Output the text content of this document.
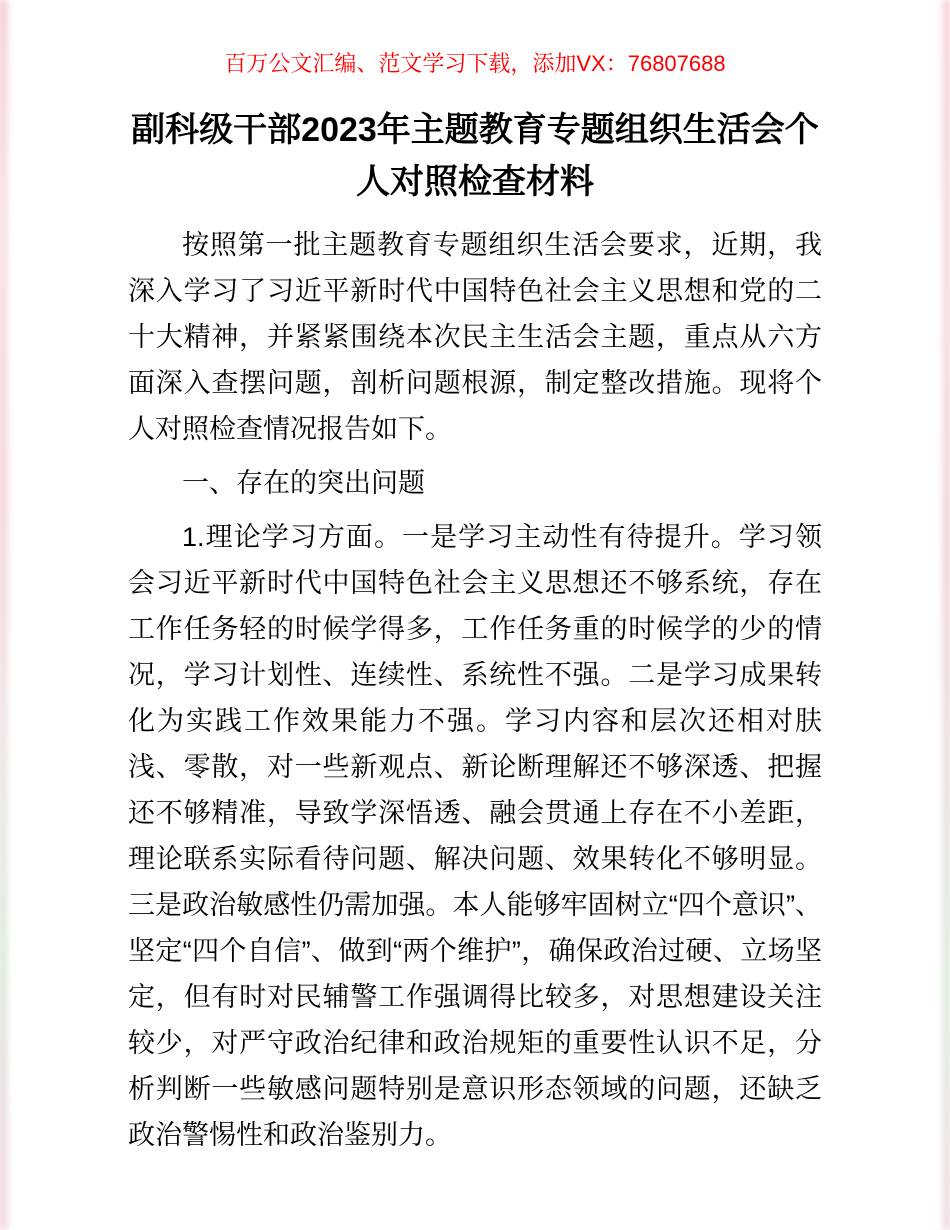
百万公文汇编、范文学习下载，添加VX：76807688
副科级干部2023年主题教育专题组织生活会个人对照检查材料

按照第一批主题教育专题组织生活会要求，近期，我深入学习了习近平新时代中国特色社会主义思想和党的二十大精神，并紧紧围绕本次民主生活会主题，重点从六方面深入查摆问题，剖析问题根源，制定整改措施。现将个人对照检查情况报告如下。

一、存在的突出问题

1.理论学习方面。一是学习主动性有待提升。学习领会习近平新时代中国特色社会主义思想还不够系统，存在工作任务轻的时候学得多，工作任务重的时候学的少的情况，学习计划性、连续性、系统性不强。二是学习成果转化为实践工作效果能力不强。学习内容和层次还相对肤浅、零散，对一些新观点、新论断理解还不够深透、把握还不够精准，导致学深悟透、融会贯通上存在不小差距，理论联系实际看待问题、解决问题、效果转化不够明显。三是政治敏感性仍需加强。本人能够牢固树立“四个意识”、坚定“四个自信”、做到“两个维护”，确保政治过硬、立场坚定，但有时对民辅警工作强调得比较多，对思想建设关注较少，对严守政治纪律和政治规矩的重要性认识不足，分析判断一些敏感问题特别是意识形态领域的问题，还缺乏政治警惕性和政治鉴别力。
